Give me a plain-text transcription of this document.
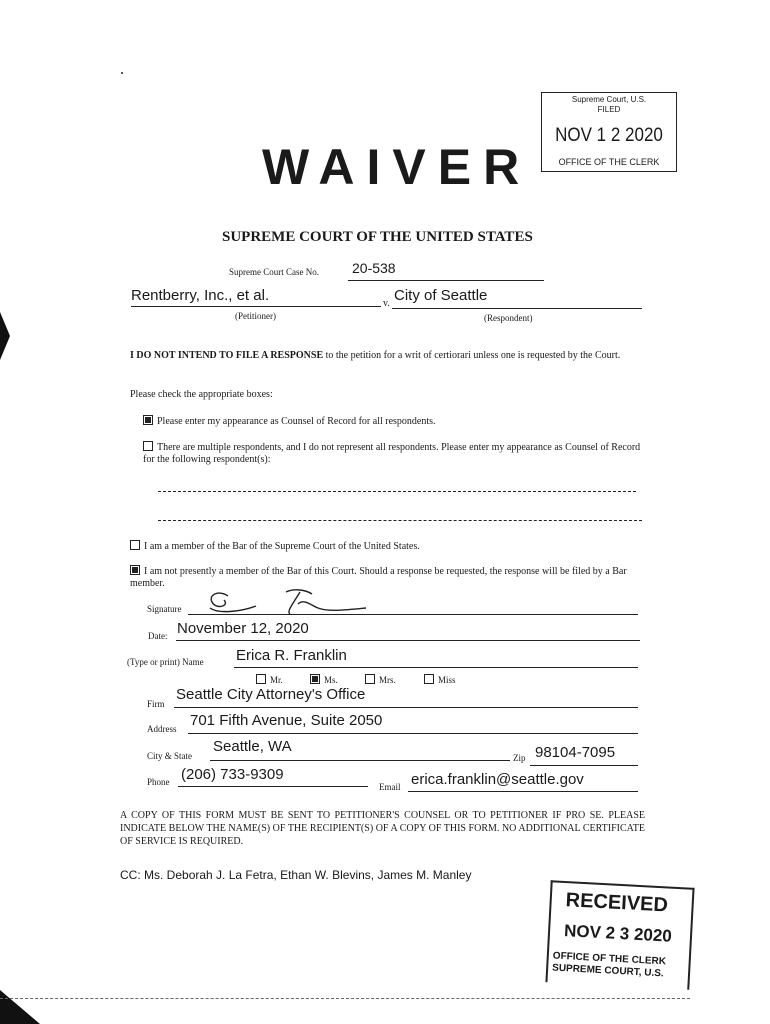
Supreme Court, U.S.
FILED
NOV 1 2 2020
OFFICE OF THE CLERK
WAIVER
SUPREME COURT OF THE UNITED STATES
Supreme Court Case No. 20-538
Rentberry, Inc., et al.	v. City of Seattle
(Petitioner)	(Respondent)
I DO NOT INTEND TO FILE A RESPONSE to the petition for a writ of certiorari unless one is requested by the Court.
Please check the appropriate boxes:
Please enter my appearance as Counsel of Record for all respondents.
There are multiple respondents, and I do not represent all respondents. Please enter my appearance as Counsel of Record for the following respondent(s):
I am a member of the Bar of the Supreme Court of the United States.
I am not presently a member of the Bar of this Court. Should a response be requested, the response will be filed by a Bar member.
Signature
Date: November 12, 2020
(Type or print) Name Erica R. Franklin
Mr.	Ms.	Mrs.	Miss
Firm
Seattle City Attorney's Office
Address 701 Fifth Avenue, Suite 2050
City & State
Seattle, WA
Zip 98104-7095
Phone (206) 733-9309
Email erica.franklin@seattle.gov
A COPY OF THIS FORM MUST BE SENT TO PETITIONER'S COUNSEL OR TO PETITIONER IF PRO SE. PLEASE INDICATE BELOW THE NAME(S) OF THE RECIPIENT(S) OF A COPY OF THIS FORM. NO ADDITIONAL CERTIFICATE OF SERVICE IS REQUIRED.
CC: Ms. Deborah J. La Fetra, Ethan W. Blevins, James M. Manley
RECEIVED
NOV 2 3 2020
OFFICE OF THE CLERK
SUPREME COURT, U.S.
